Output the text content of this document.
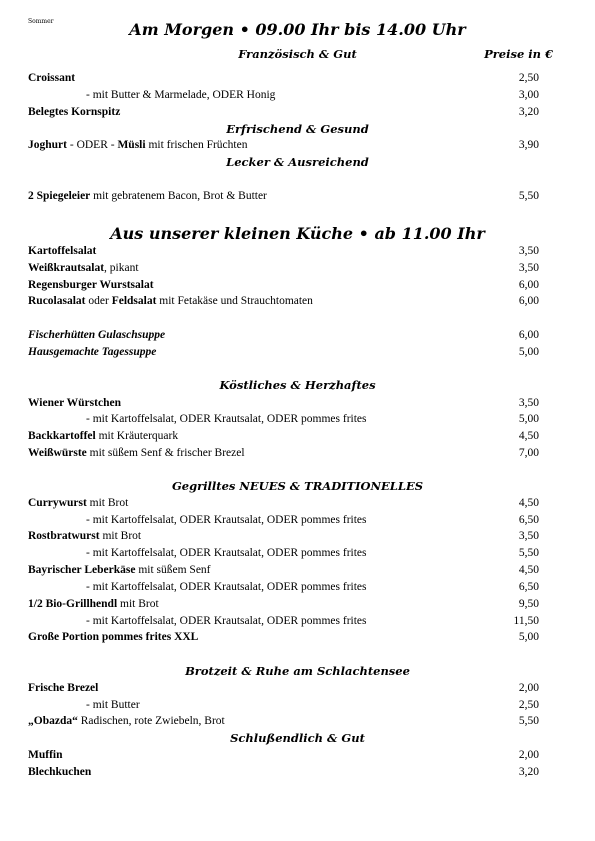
Sommer	Am Morgen • 09.00 Ihr bis 14.00 Uhr
Französisch & Gut	Preise in €
Croissant	2,50
- mit Butter & Marmelade, ODER Honig	3,00
Belegtes Kornspitz	3,20
Erfrischend & Gesund
Joghurt - ODER - Müsli mit frischen Früchten	3,90
Lecker & Ausreichend
2 Spiegeleier mit gebratenem Bacon, Brot & Butter	5,50
Aus unserer kleinen Küche • ab 11.00 Ihr
Kartoffelsalat	3,50
Weißkrautsalat, pikant	3,50
Regensburger Wurstsalat	6,00
Rucolasalat oder Feldsalat mit Fetakäse und Strauchtomaten	6,00
Fischerhütten Gulaschsuppe	6,00
Hausgemachte Tagessuppe	5,00
Köstliches & Herzhaftes
Wiener Würstchen	3,50
- mit Kartoffelsalat, ODER Krautsalat, ODER pommes frites	5,00
Backkartoffel mit Kräuterquark	4,50
Weißwürste mit süßem Senf & frischer Brezel	7,00
Gegrilltes NEUES & TRADITIONELLES
Currywurst mit Brot	4,50
- mit Kartoffelsalat, ODER Krautsalat, ODER pommes frites	6,50
Rostbratwurst mit Brot	3,50
- mit Kartoffelsalat, ODER Krautsalat, ODER pommes frites	5,50
Bayrischer Leberkäse mit süßem Senf	4,50
- mit Kartoffelsalat, ODER Krautsalat, ODER pommes frites	6,50
1/2 Bio-Grillhendl mit Brot	9,50
- mit Kartoffelsalat, ODER Krautsalat, ODER pommes frites	11,50
Große Portion pommes frites XXL	5,00
Brotzeit & Ruhe am Schlachtensee
Frische Brezel	2,00
- mit Butter	2,50
„Obazda“ Radischen, rote Zwiebeln, Brot	5,50
Schlußendlich & Gut
Muffin	2,00
Blechkuchen	3,20
